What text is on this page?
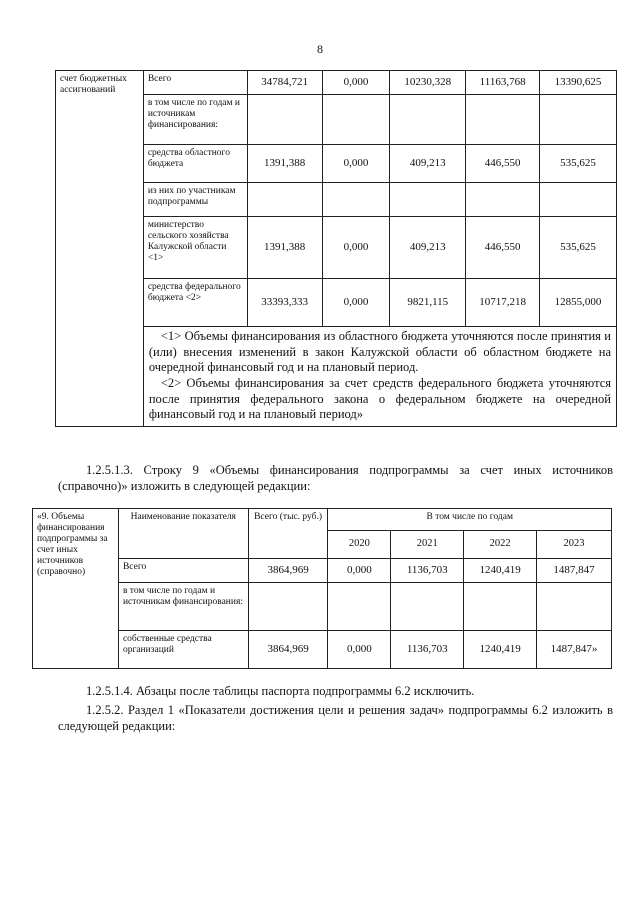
8
счет бюджетных ассигнований	Всего	34784,721	0,000	10230,328	11163,768	13390,625
	в том числе по годам и источникам финансирования:					
	средства областного бюджета	1391,388	0,000	409,213	446,550	535,625
	из них по участникам подпрограммы					
	министерство сельского хозяйства Калужской области <1>	1391,388	0,000	409,213	446,550	535,625
	средства федерального бюджета <2>	33393,333	0,000	9821,115	10717,218	12855,000

	<1> Объемы финансирования из областного бюджета уточняются после принятия и (или) внесения изменений в закон Калужской области об областном бюджете на очередной финансовый год и на плановый период.

<2> Объемы финансирования за счет средств федерального бюджета уточняются после принятия федерального закона о федеральном бюджете на очередной финансовый год и на плановый период»					

1.2.5.1.3. Строку 9 «Объемы финансирования подпрограммы за счет иных источников (справочно)» изложить в следующей редакции:
«9. Объемы финансирования подпрограммы за счет иных источников (справочно)	Наименование показателя	Всего (тыс. руб.)	В том числе по годам			
			2020	2021	2022	2023
	Всего	3864,969	0,000	1136,703	1240,419	1487,847
	в том числе по годам и источникам финансирования:					
	собственные средства организаций	3864,969	0,000	1136,703	1240,419	1487,847»
1.2.5.1.4. Абзацы после таблицы паспорта подпрограммы 6.2 исключить.
1.2.5.2. Раздел 1 «Показатели достижения цели и решения задач» подпрограммы 6.2 изложить в следующей редакции:
